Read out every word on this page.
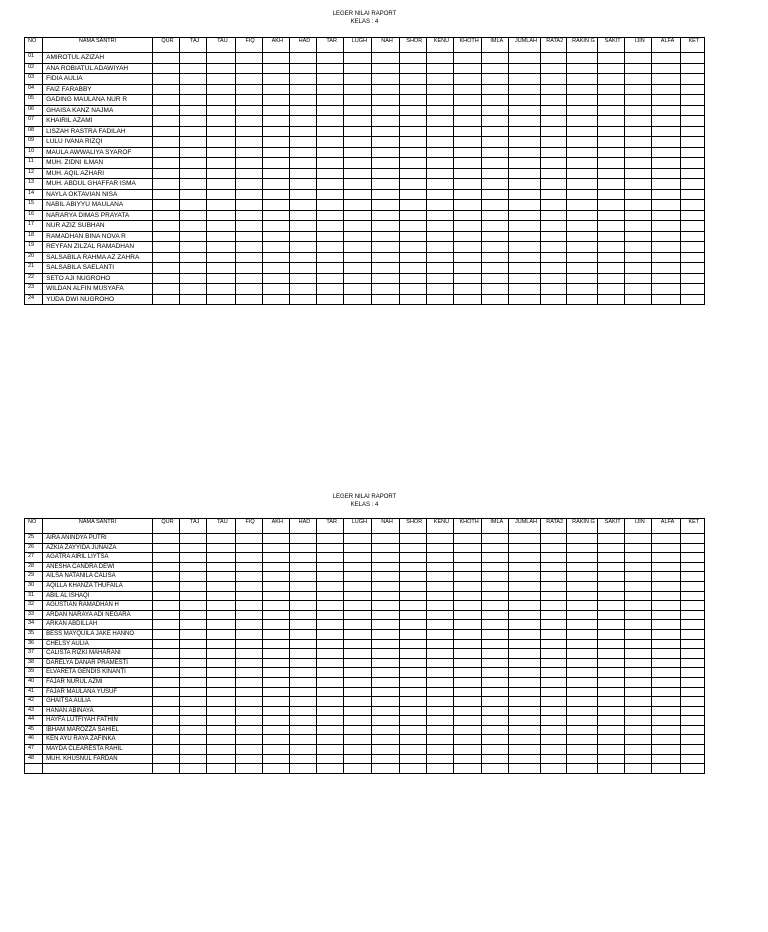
LEGER NILAI RAPORT
KELAS : 4
NO	NAMA SANTRI	QUR	TAJ	TAU	FIQ	AKH	HAD	TAR	LUGH	NAH	SHOR	KENU	KHOTH	IMLA	JUMLAH	RATA2	RAKIN G	SAKIT	IJIN	ALFA	KET
01	AMIROTUL AZIZAH																				
02	ANA ROBIATUL ADAWIYAH																				
03	FIDIA AULIA																				
04	FAIZ FARABBY																				
05	GADING MAULANA NUR R																				
06	GHAISA KANZ NAJMA																				
07	KHAIRIL AZAMI																				
08	LISZAH RASTRA FADILAH																				
09	LULU IVANA RIZQI																				
10	MAULA AWWALIYA SYAROF																				
11	MUH. ZIDNI ILMAN																				
12	MUH. AQIL AZHARI																				
13	MUH. ABDUL GHAFFAR ISMA																				
14	NAYLA OKTAVIAN NISA																				
15	NABIL ABIYYU MAULANA																				
16	NARARYA DIMAS PRAYATA																				
17	NUR AZIZ SUBHAN																				
18	RAMADHAN BINA NOVA R																				
19	REYFAN ZILZAL RAMADHAN																				
20	SALSABILA RAHMA AZ ZAHRA																				
21	SALSABILA SAELANTI																				
22	SETO AJI NUGROHO																				
23	WILDAN ALFIN MUSYAFA																				
24	YUDA DWI NUGROHO																				
LEGER NILAI RAPORT
KELAS : 4
NO	NAMA SANTRI	QUR	TAJ	TAU	FIQ	AKH	HAD	TAR	LUGH	NAH	SHOR	KENU	KHOTH	IMLA	JUMLAH	RATA2	RAKIN G	SAKIT	IJIN	ALFA	KET
25	AIRA ANINDYA PUTRI																				
26	AZKIA ZAYYIDA JUNAIZA																				
27	AGATRA AIRIL LIYTSA																				
28	ANESHA CANDRA DEWI																				
29	AILSA NATANILA CALISA																				
30	AQILLA KHANZA THUFAILA																				
31	ABIL AL ISHAQI																				
32	AGUSTIAN RAMADHAN H																				
33	ARDAN NARAYA ADI NEGARA																				
34	ARKAN ABDILLAH																				
35	BESS MAYQUILA JAKE HANNO																				
36	CHELSY AULIA																				
37	CALISTA RIZKI MAHARANI																				
38	DARELYA DANAR PRAMESTI																				
39	ELVARETA GENDIS KINANTI																				
40	FAJAR NURUL AZMI																				
41	FAJAR MAULANA YUSUF																				
42	GHAITSA AULIA																				
43	HANAN ABINAYA																				
44	HAYFA LUTFIYAH FATHIN																				
45	IBHAM MAROZZA SAHIEL																				
46	KEN AYU RAYA ZAFINKA																				
47	MAYDA CLEARESTA RAHIL																				
48	MUH. KHUSNUL FARDAN																				
